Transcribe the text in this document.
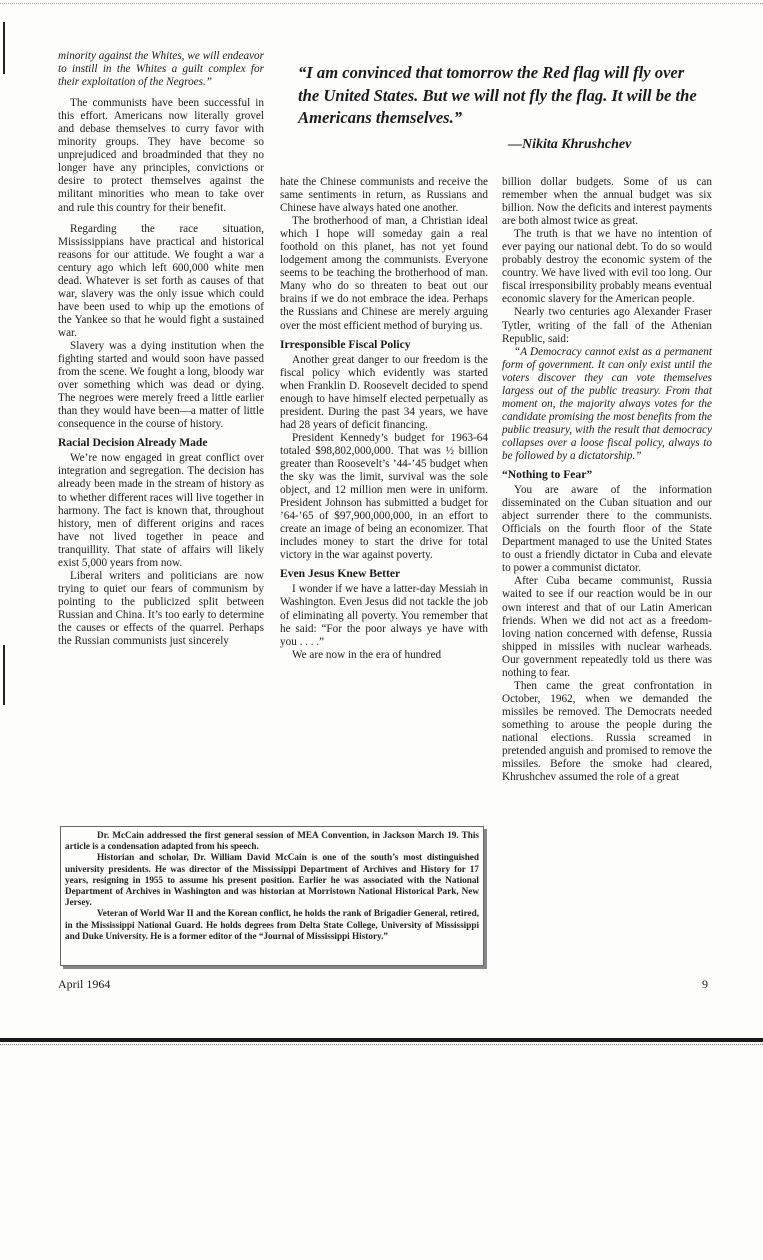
“I am convinced that tomorrow the Red flag will fly over the United States. But we will not fly the flag. It will be the Americans themselves.”
—Nikita Khrushchev

minority against the Whites, we will endeavor to instill in the Whites a guilt complex for their exploitation of the Negroes.”

The communists have been successful in this effort. Americans now literally grovel and debase themselves to curry favor with minority groups. They have become so unprejudiced and broadminded that they no longer have any principles, convictions or desire to protect themselves against the militant minorities who mean to take over and rule this country for their benefit.

Regarding the race situation, Mississippians have practical and historical reasons for our attitude. We fought a war a century ago which left 600,000 white men dead. Whatever is set forth as causes of that war, slavery was the only issue which could have been used to whip up the emotions of the Yankee so that he would fight a sustained war.

Slavery was a dying institution when the fighting started and would soon have passed from the scene. We fought a long, bloody war over something which was dead or dying. The negroes were merely freed a little earlier than they would have been—a matter of little consequence in the course of history.

Racial Decision Already Made

We’re now engaged in great conflict over integration and segregation. The decision has already been made in the stream of history as to whether different races will live together in harmony. The fact is known that, throughout history, men of different origins and races have not lived together in peace and tranquillity. That state of affairs will likely exist 5,000 years from now.

Liberal writers and politicians are now trying to quiet our fears of communism by pointing to the publicized split between Russian and China. It’s too early to determine the causes or effects of the quarrel. Perhaps the Russian communists just sincerely

hate the Chinese communists and receive the same sentiments in return, as Russians and Chinese have always hated one another.

The brotherhood of man, a Christian ideal which I hope will someday gain a real foothold on this planet, has not yet found lodgement among the communists. Everyone seems to be teaching the brotherhood of man. Many who do so threaten to beat out our brains if we do not embrace the idea. Perhaps the Russians and Chinese are merely arguing over the most efficient method of burying us.

Irresponsible Fiscal Policy

Another great danger to our freedom is the fiscal policy which evidently was started when Franklin D. Roosevelt decided to spend enough to have himself elected perpetually as president. During the past 34 years, we have had 28 years of deficit financing.

President Kennedy’s budget for 1963-64 totaled $98,802,000,000. That was ½ billion greater than Roosevelt’s ’44-’45 budget when the sky was the limit, survival was the sole object, and 12 million men were in uniform. President Johnson has submitted a budget for ’64-’65 of $97,900,000,000, in an effort to create an image of being an economizer. That includes money to start the drive for total victory in the war against poverty.

Even Jesus Knew Better

I wonder if we have a latter-day Messiah in Washington. Even Jesus did not tackle the job of eliminating all poverty. You remember that he said: “For the poor always ye have with you . . . .”

We are now in the era of hundred

billion dollar budgets. Some of us can remember when the annual budget was six billion. Now the deficits and interest payments are both almost twice as great.

The truth is that we have no intention of ever paying our national debt. To do so would probably destroy the economic system of the country. We have lived with evil too long. Our fiscal irresponsibility probably means eventual economic slavery for the American people.

Nearly two centuries ago Alexander Fraser Tytler, writing of the fall of the Athenian Republic, said:

“A Democracy cannot exist as a permanent form of government. It can only exist until the voters discover they can vote themselves largess out of the public treasury. From that moment on, the majority always votes for the candidate promising the most benefits from the public treasury, with the result that democracy collapses over a loose fiscal policy, always to be followed by a dictatorship.”

“Nothing to Fear”

You are aware of the information disseminated on the Cuban situation and our abject surrender there to the communists. Officials on the fourth floor of the State Department managed to use the United States to oust a friendly dictator in Cuba and elevate to power a communist dictator.

After Cuba became communist, Russia waited to see if our reaction would be in our own interest and that of our Latin American friends. When we did not act as a freedom-loving nation concerned with defense, Russia shipped in missiles with nuclear warheads. Our government repeatedly told us there was nothing to fear.

Then came the great confrontation in October, 1962, when we demanded the missiles be removed. The Democrats needed something to arouse the people during the national elections. Russia screamed in pretended anguish and promised to remove the missiles. Before the smoke had cleared, Khrushchev assumed the role of a great

Dr. McCain addressed the first general session of MEA Convention, in Jackson March 19. This article is a condensation adapted from his speech.

Historian and scholar, Dr. William David McCain is one of the south’s most distinguished university presidents. He was director of the Mississippi Department of Archives and History for 17 years, resigning in 1955 to assume his present position. Earlier he was associated with the National Department of Archives in Washington and was historian at Morristown National Historical Park, New Jersey.

Veteran of World War II and the Korean conflict, he holds the rank of Brigadier General, retired, in the Mississippi National Guard. He holds degrees from Delta State College, University of Mississippi and Duke University. He is a former editor of the “Journal of Mississippi History.”

April 1964	9
